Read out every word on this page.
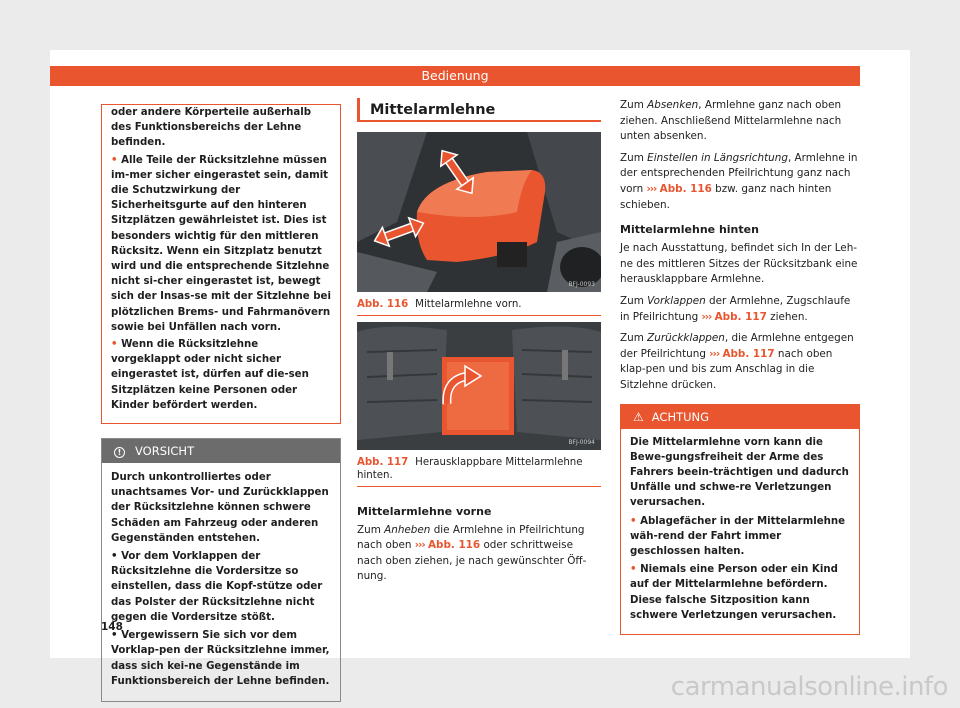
Bedienung
oder andere Körperteile außerhalb des Funktionsbereichs der Lehne befinden.
• Alle Teile der Rücksitzlehne müssen im-mer sicher eingerastet sein, damit die Schutzwirkung der Sicherheitsgurte auf den hinteren Sitzplätzen gewährleistet ist. Dies ist besonders wichtig für den mittleren Rücksitz. Wenn ein Sitzplatz benutzt wird und die entsprechende Sitzlehne nicht si-cher eingerastet ist, bewegt sich der Insas-se mit der Sitzlehne bei plötzlichen Brems- und Fahrmanövern sowie bei Unfällen nach vorn.
• Wenn die Rücksitzlehne vorgeklappt oder nicht sicher eingerastet ist, dürfen auf die-sen Sitzplätzen keine Personen oder Kinder befördert werden.
! VORSICHT
Durch unkontrolliertes oder unachtsames Vor- und Zurückklappen der Rücksitzlehne können schwere Schäden am Fahrzeug oder anderen Gegenständen entstehen.
• Vor dem Vorklappen der Rücksitzlehne die Vordersitze so einstellen, dass die Kopf-stütze oder das Polster der Rücksitzlehne nicht gegen die Vordersitze stößt.
• Vergewissern Sie sich vor dem Vorklap-pen der Rücksitzlehne immer, dass sich kei-ne Gegenstände im Funktionsbereich der Lehne befinden.
Mittelarmlehne
BFJ-0093
Abb. 116 Mittelarmlehne vorn.
BFJ-0094
Abb. 117 Herausklappbare Mittelarmlehne hinten.
Mittelarmlehne vorne
Zum Anheben die Armlehne in Pfeilrichtung nach oben ››› Abb. 116 oder schrittweise nach oben ziehen, je nach gewünschter Öff-nung.
Zum Absenken, Armlehne ganz nach oben ziehen. Anschließend Mittelarmlehne nach unten absenken.
Zum Einstellen in Längsrichtung, Armlehne in der entsprechenden Pfeilrichtung ganz nach vorn ››› Abb. 116 bzw. ganz nach hinten schieben.
Mittelarmlehne hinten
Je nach Ausstattung, befindet sich In der Leh-ne des mittleren Sitzes der Rücksitzbank eine herausklappbare Armlehne.
Zum Vorklappen der Armlehne, Zugschlaufe in Pfeilrichtung ››› Abb. 117 ziehen.
Zum Zurückklappen, die Armlehne entgegen der Pfeilrichtung ››› Abb. 117 nach oben klap-pen und bis zum Anschlag in die Sitzlehne drücken.
⚠ ACHTUNG
Die Mittelarmlehne vorn kann die Bewe-gungsfreiheit der Arme des Fahrers beein-trächtigen und dadurch Unfälle und schwe-re Verletzungen verursachen.
• Ablagefächer in der Mittelarmlehne wäh-rend der Fahrt immer geschlossen halten.
• Niemals eine Person oder ein Kind auf der Mittelarmlehne befördern. Diese falsche Sitzposition kann schwere Verletzungen verursachen.
148
carmanualsonline.info
